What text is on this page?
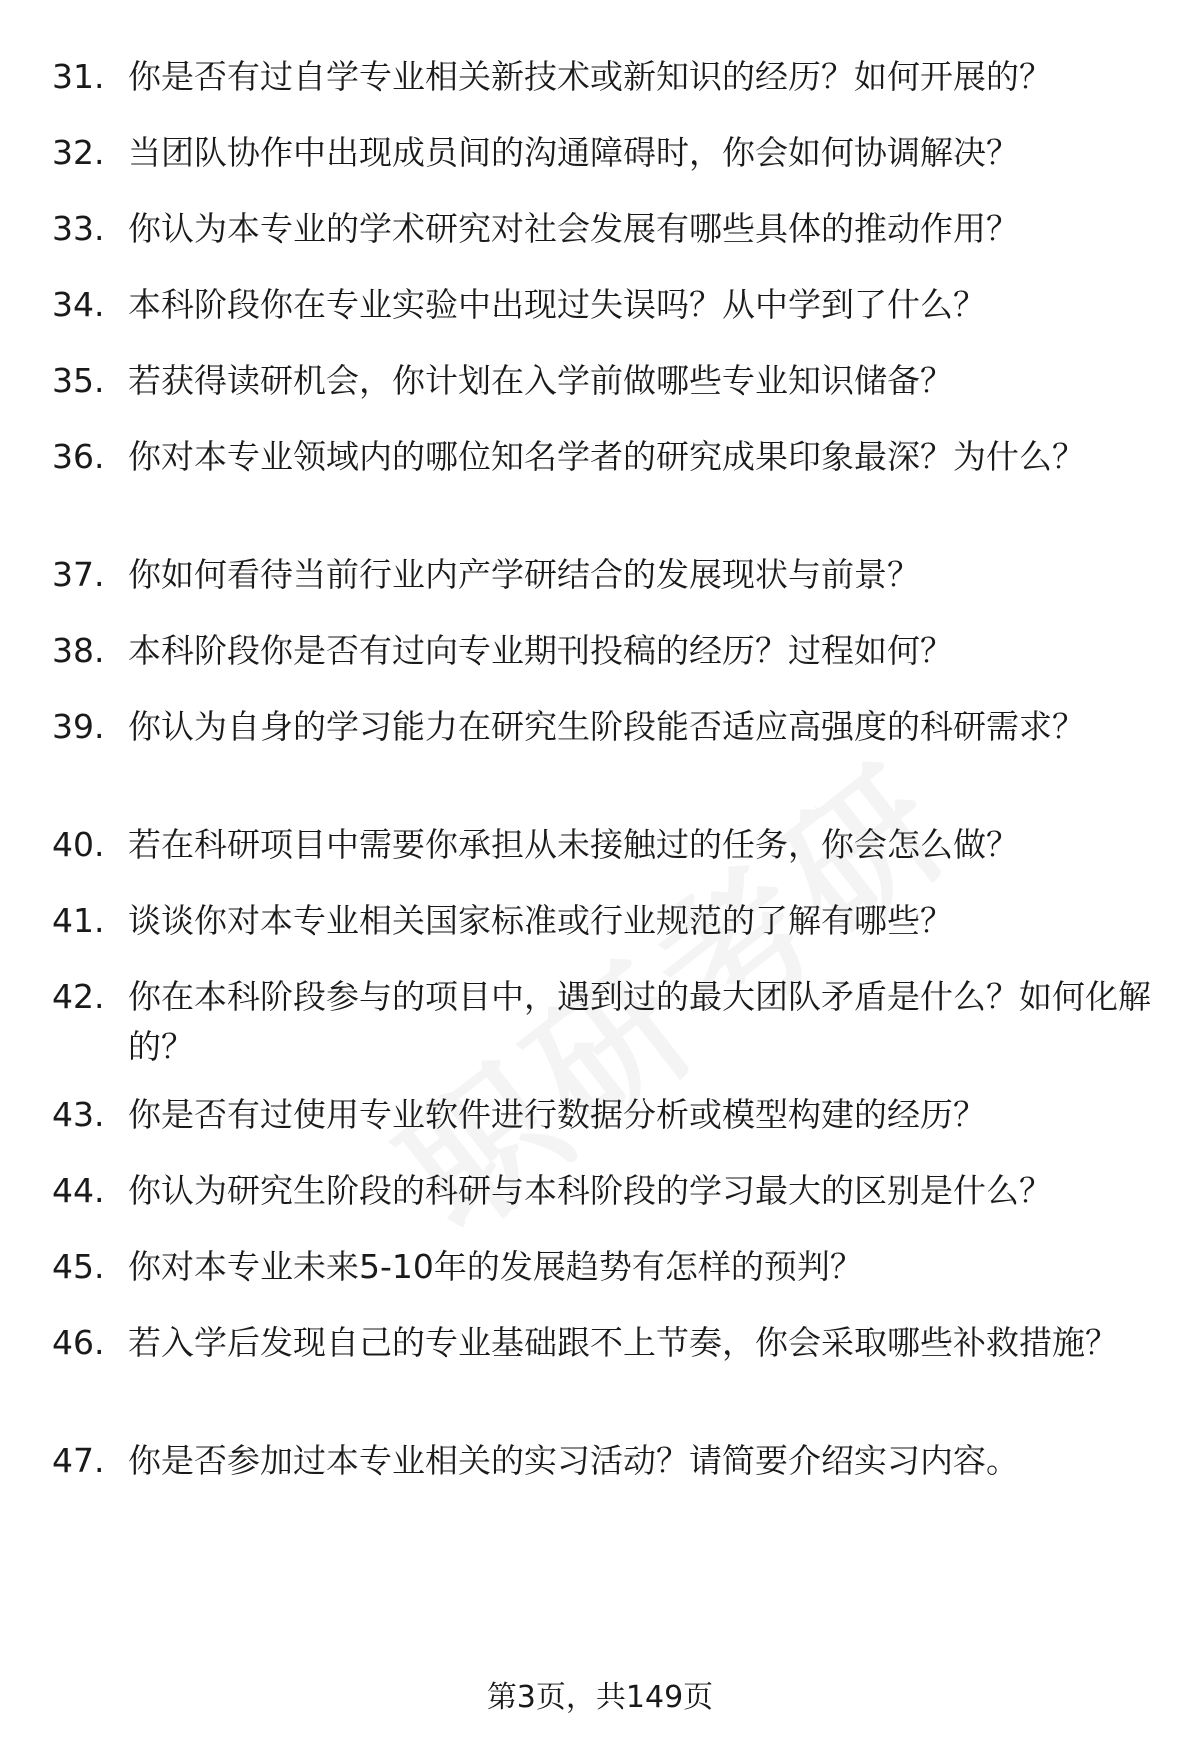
31. 你是否有过自学专业相关新技术或新知识的经历？如何开展的？
32. 当团队协作中出现成员间的沟通障碍时，你会如何协调解决？
33. 你认为本专业的学术研究对社会发展有哪些具体的推动作用？
34. 本科阶段你在专业实验中出现过失误吗？从中学到了什么？
35. 若获得读研机会，你计划在入学前做哪些专业知识储备？
36. 你对本专业领域内的哪位知名学者的研究成果印象最深？为什么？
37. 你如何看待当前行业内产学研结合的发展现状与前景？
38. 本科阶段你是否有过向专业期刊投稿的经历？过程如何？
39. 你认为自身的学习能力在研究生阶段能否适应高强度的科研需求？
40. 若在科研项目中需要你承担从未接触过的任务，你会怎么做？
41. 谈谈你对本专业相关国家标准或行业规范的了解有哪些？
42. 你在本科阶段参与的项目中，遇到过的最大团队矛盾是什么？如何化解的？
43. 你是否有过使用专业软件进行数据分析或模型构建的经历？
44. 你认为研究生阶段的科研与本科阶段的学习最大的区别是什么？
45. 你对本专业未来5-10年的发展趋势有怎样的预判？
46. 若入学后发现自己的专业基础跟不上节奏，你会采取哪些补救措施？
47. 你是否参加过本专业相关的实习活动？请简要介绍实习内容。
第3页，共149页
